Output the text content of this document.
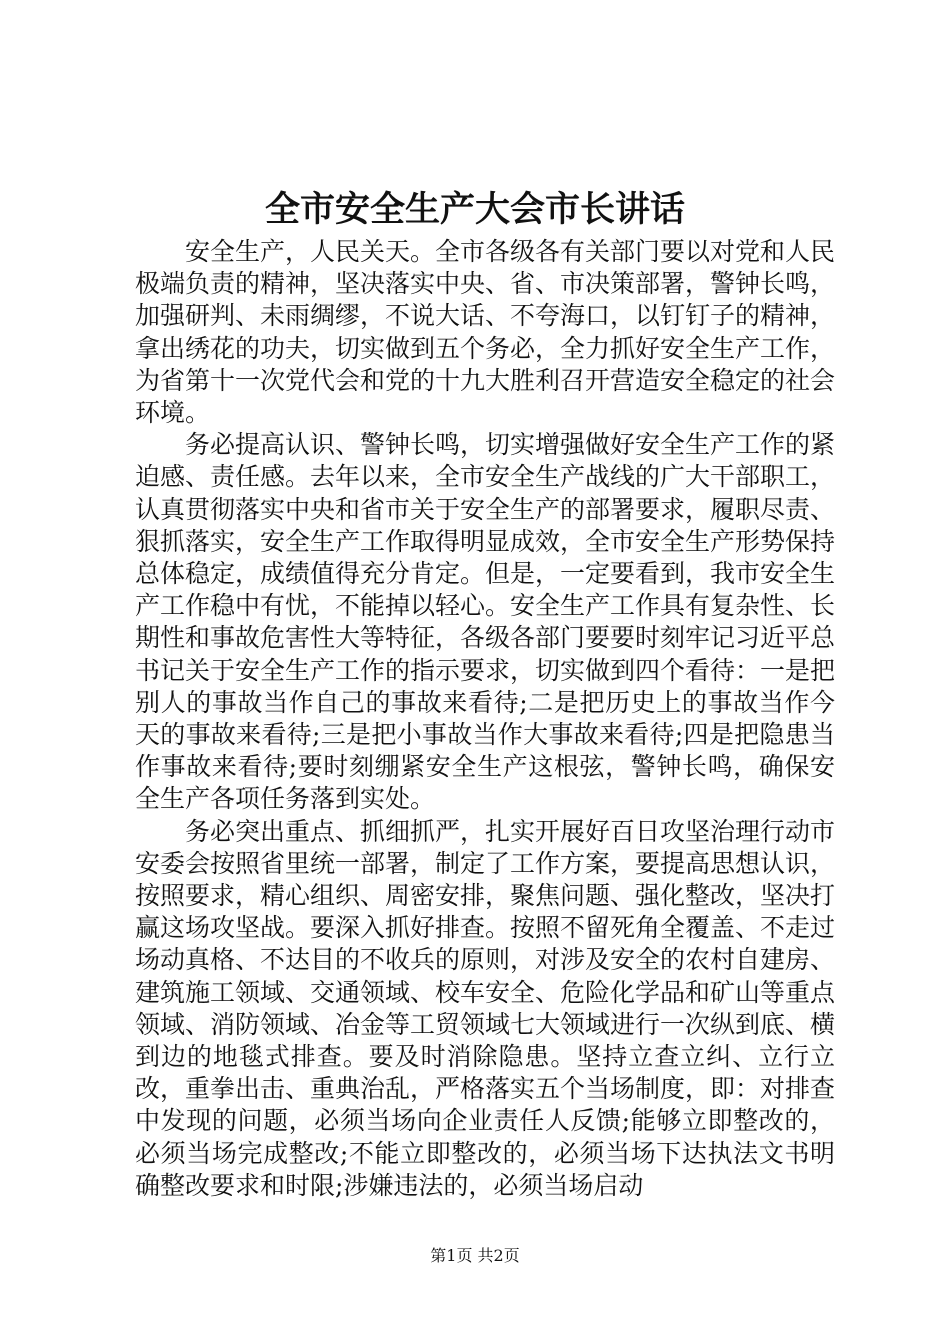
全市安全生产大会市长讲话

安全生产，人民关天。全市各级各有关部门要以对党和人民极端负责的精神，坚决落实中央、省、市决策部署，警钟长鸣，加强研判、未雨绸缪，不说大话、不夸海口，以钉钉子的精神，拿出绣花的功夫，切实做到五个务必，全力抓好安全生产工作，为省第十一次党代会和党的十九大胜利召开营造安全稳定的社会环境。

务必提高认识、警钟长鸣，切实增强做好安全生产工作的紧迫感、责任感。去年以来，全市安全生产战线的广大干部职工，认真贯彻落实中央和省市关于安全生产的部署要求，履职尽责、狠抓落实，安全生产工作取得明显成效，全市安全生产形势保持总体稳定，成绩值得充分肯定。但是，一定要看到，我市安全生产工作稳中有忧，不能掉以轻心。安全生产工作具有复杂性、长期性和事故危害性大等特征，各级各部门要要时刻牢记习近平总书记关于安全生产工作的指示要求，切实做到四个看待：一是把别人的事故当作自己的事故来看待;二是把历史上的事故当作今天的事故来看待;三是把小事故当作大事故来看待;四是把隐患当作事故来看待;要时刻绷紧安全生产这根弦，警钟长鸣，确保安全生产各项任务落到实处。

务必突出重点、抓细抓严，扎实开展好百日攻坚治理行动市安委会按照省里统一部署，制定了工作方案，要提高思想认识，按照要求，精心组织、周密安排，聚焦问题、强化整改，坚决打赢这场攻坚战。要深入抓好排查。按照不留死角全覆盖、不走过场动真格、不达目的不收兵的原则，对涉及安全的农村自建房、建筑施工领域、交通领域、校车安全、危险化学品和矿山等重点领域、消防领域、冶金等工贸领域七大领域进行一次纵到底、横到边的地毯式排查。要及时消除隐患。坚持立查立纠、立行立改，重拳出击、重典治乱，严格落实五个当场制度，即：对排查中发现的问题，必须当场向企业责任人反馈;能够立即整改的，必须当场完成整改;不能立即整改的，必须当场下达执法文书明确整改要求和时限;涉嫌违法的，必须当场启动

第1页 共2页
